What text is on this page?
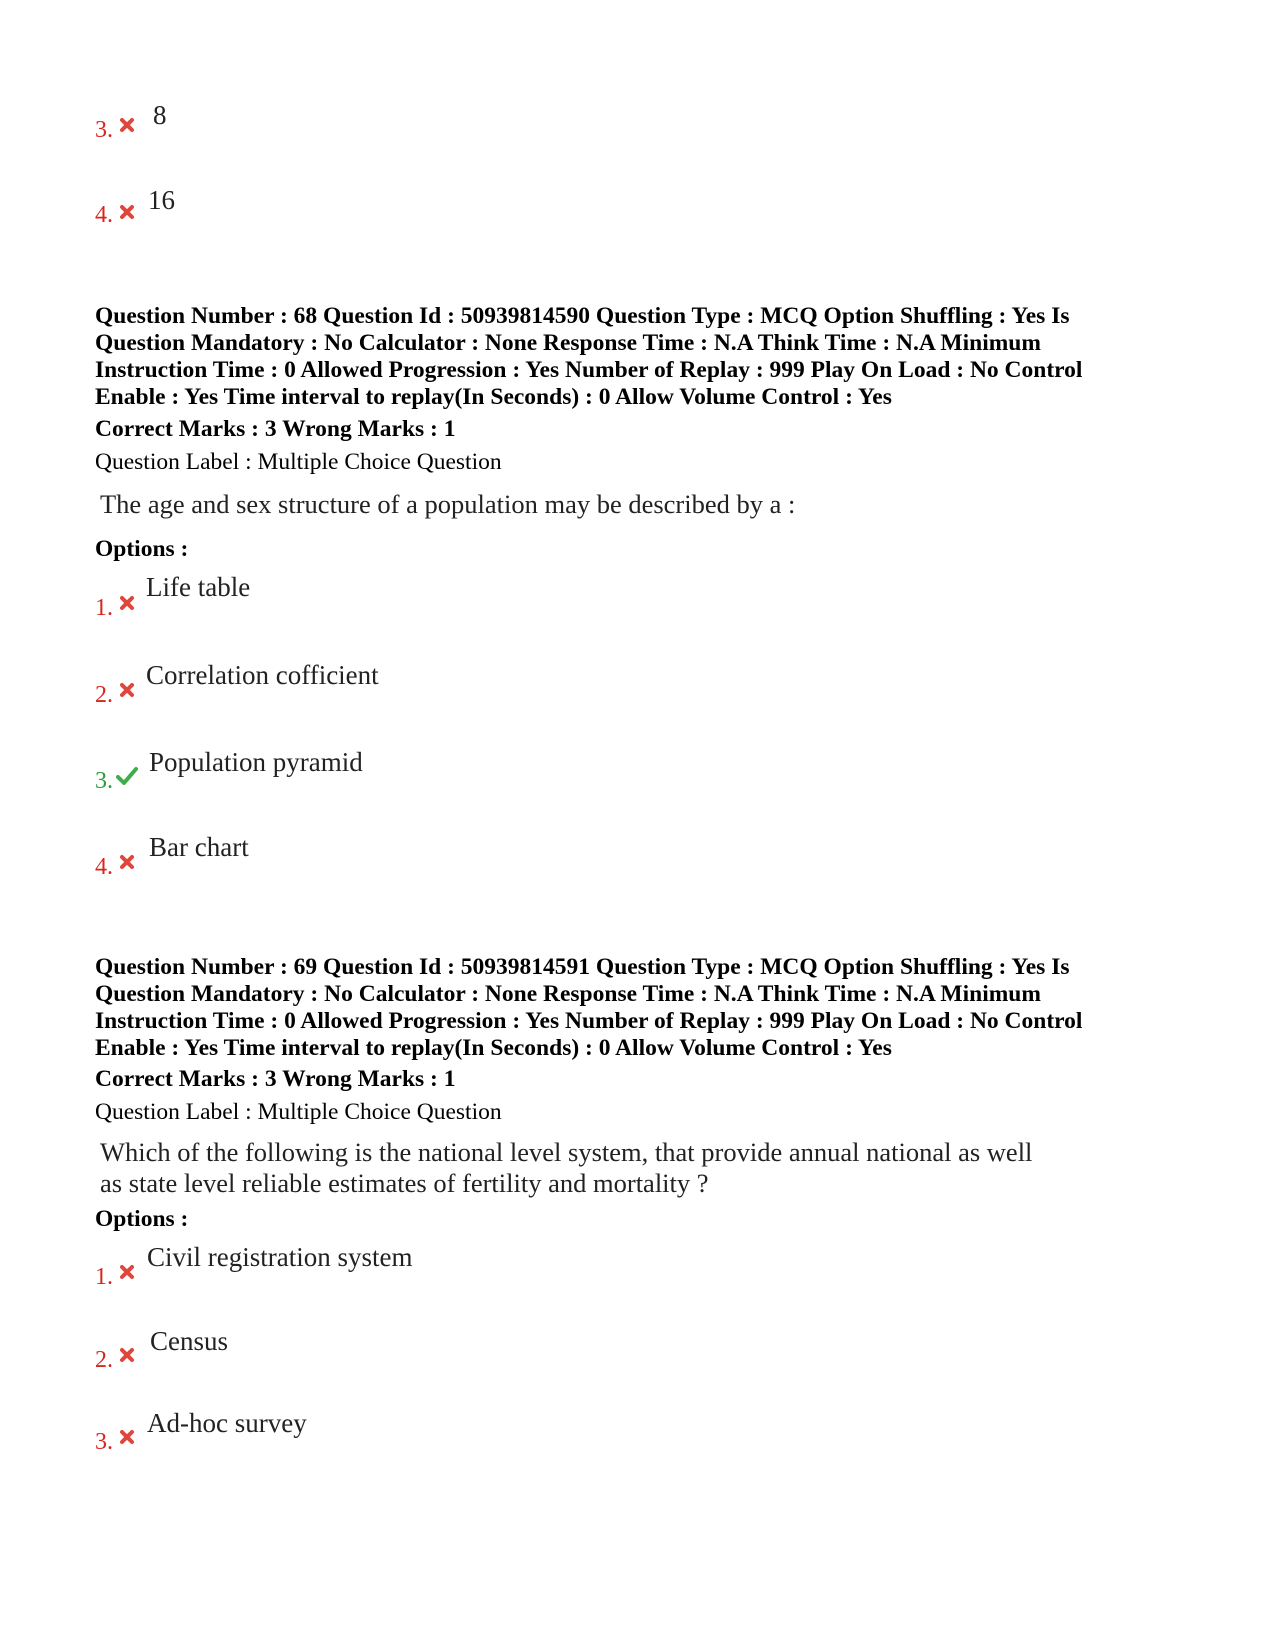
3. 8
4. 16
Question Number : 68 Question Id : 50939814590 Question Type : MCQ Option Shuffling : Yes Is
Question Mandatory : No Calculator : None Response Time : N.A Think Time : N.A Minimum
Instruction Time : 0 Allowed Progression : Yes Number of Replay : 999 Play On Load : No Control
Enable : Yes Time interval to replay(In Seconds) : 0 Allow Volume Control : Yes
Correct Marks : 3 Wrong Marks : 1
Question Label : Multiple Choice Question
The age and sex structure of a population may be described by a :
Options :
1.
Life table
2.
Correlation cofficient
3.
Population pyramid
4.
Bar chart
Question Number : 69 Question Id : 50939814591 Question Type : MCQ Option Shuffling : Yes Is
Question Mandatory : No Calculator : None Response Time : N.A Think Time : N.A Minimum
Instruction Time : 0 Allowed Progression : Yes Number of Replay : 999 Play On Load : No Control
Enable : Yes Time interval to replay(In Seconds) : 0 Allow Volume Control : Yes
Correct Marks : 3 Wrong Marks : 1
Question Label : Multiple Choice Question
Which of the following is the national level system, that provide annual national as well
as state level reliable estimates of fertility and mortality ?
Options :
1.
Civil registration system
2.
Census
3.
Ad-hoc survey
